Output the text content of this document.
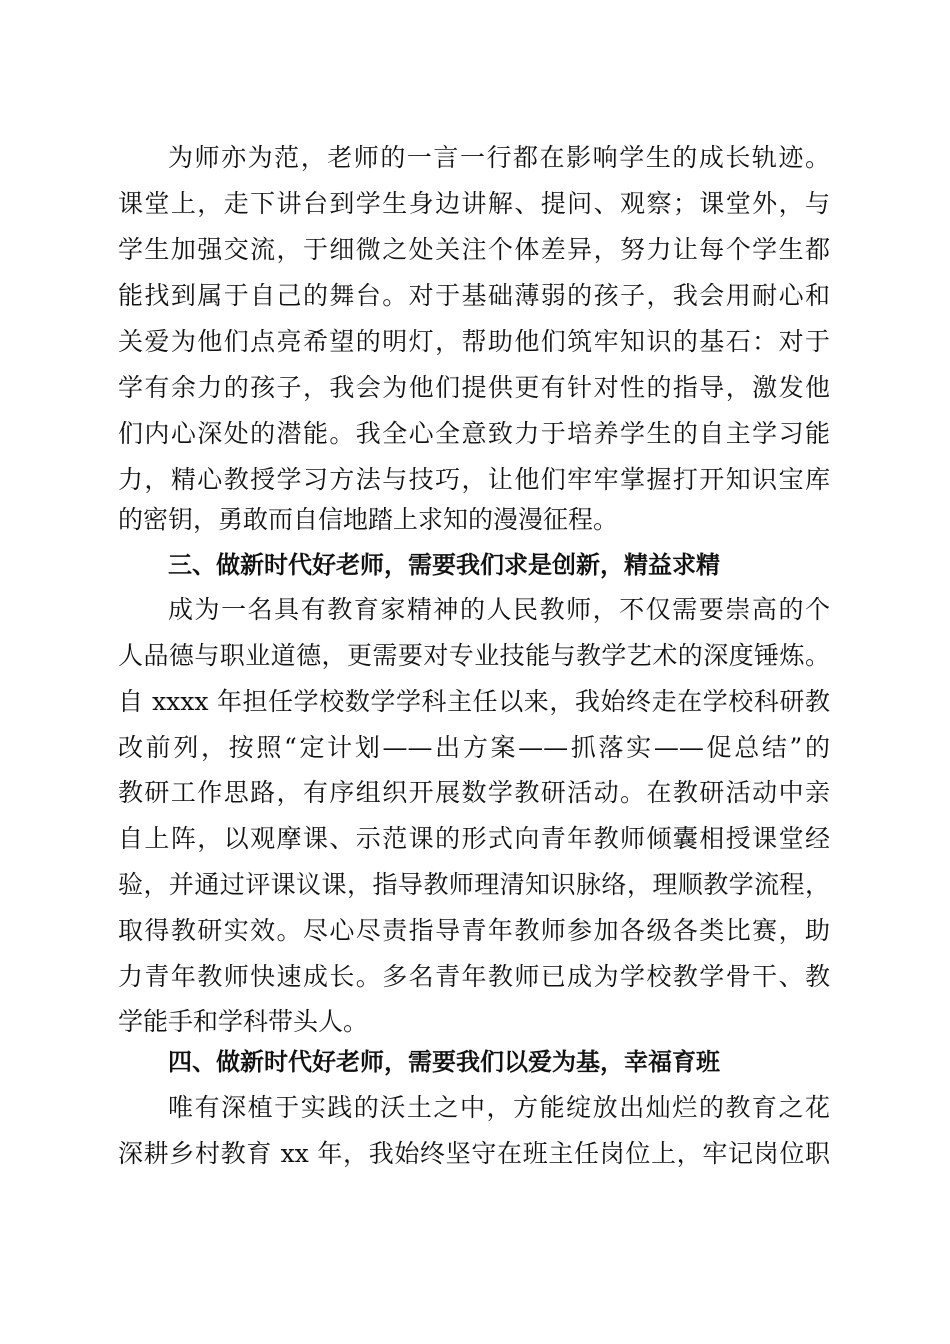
为师亦为范，老师的一言一行都在影响学生的成长轨迹。
课堂上，走下讲台到学生身边讲解、提问、观察；课堂外，与
学生加强交流，于细微之处关注个体差异，努力让每个学生都
能找到属于自己的舞台。对于基础薄弱的孩子，我会用耐心和
关爱为他们点亮希望的明灯，帮助他们筑牢知识的基石：对于
学有余力的孩子，我会为他们提供更有针对性的指导，激发他
们内心深处的潜能。我全心全意致力于培养学生的自主学习能
力，精心教授学习方法与技巧，让他们牢牢掌握打开知识宝库
的密钥，勇敢而自信地踏上求知的漫漫征程。
三、做新时代好老师，需要我们求是创新，精益求精
成为一名具有教育家精神的人民教师，不仅需要崇高的个
人品德与职业道德，更需要对专业技能与教学艺术的深度锤炼。
自 xxxx 年担任学校数学学科主任以来，我始终走在学校科研教
改前列，按照“定计划——出方案——抓落实——促总结”的
教研工作思路，有序组织开展数学教研活动。在教研活动中亲
自上阵，以观摩课、示范课的形式向青年教师倾囊相授课堂经
验，并通过评课议课，指导教师理清知识脉络，理顺教学流程，
取得教研实效。尽心尽责指导青年教师参加各级各类比赛，助
力青年教师快速成长。多名青年教师已成为学校教学骨干、教
学能手和学科带头人。
四、做新时代好老师，需要我们以爱为基，幸福育班
唯有深植于实践的沃土之中，方能绽放出灿烂的教育之花
深耕乡村教育 xx 年，我始终坚守在班主任岗位上，牢记岗位职
